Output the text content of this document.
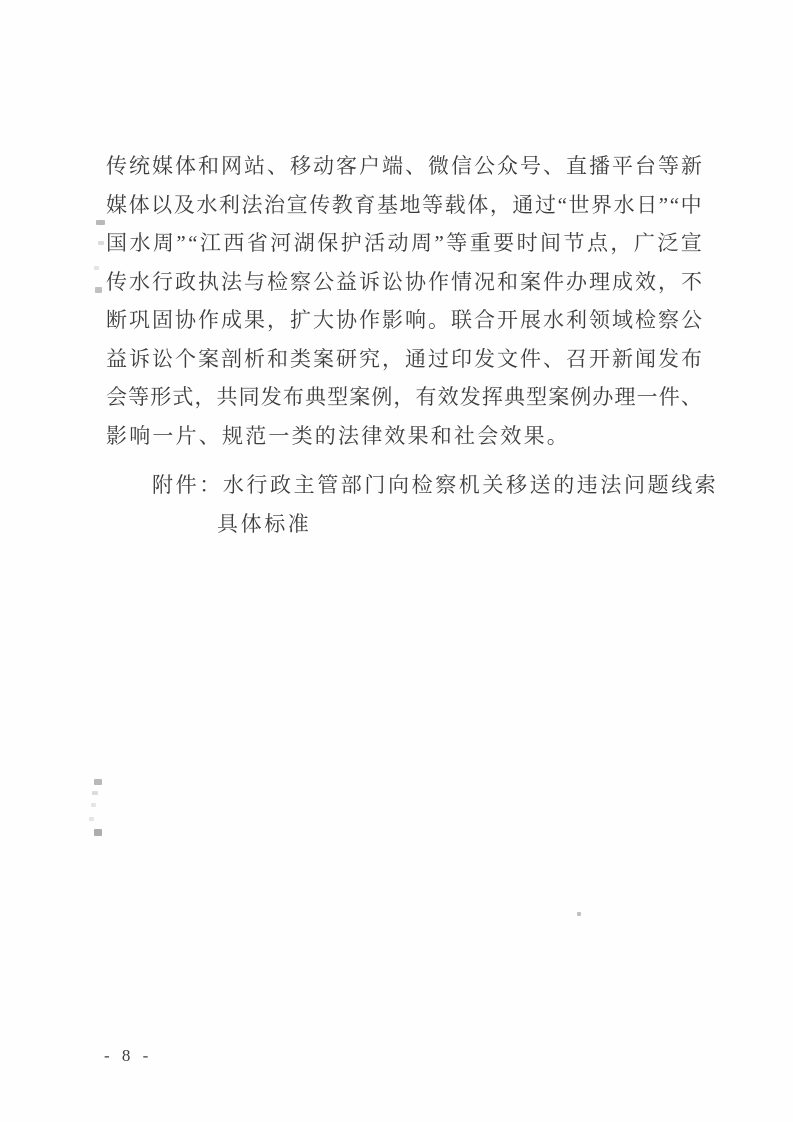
传 统 媒 体 和 网 站 、 移 动 客 户 端 、 微 信 公 众 号 、 直 播 平 台 等 新
媒 体 以 及 水 利 法 治 宣 传 教 育 基 地 等 载 体 ， 通 过 “ 世 界 水 日 ” “ 中
国 水 周 ” “ 江 西 省 河 湖 保 护 活 动 周 ” 等 重 要 时 间 节 点 ， 广 泛 宣
传 水 行 政 执 法 与 检 察 公 益 诉 讼 协 作 情 况 和 案 件 办 理 成 效 ， 不
断 巩 固 协 作 成 果 ， 扩 大 协 作 影 响 。 联 合 开 展 水 利 领 域 检 察 公
益 诉 讼 个 案 剖 析 和 类 案 研 究 ， 通 过 印 发 文 件 、 召 开 新 闻 发 布
会 等 形 式 ， 共 同 发 布 典 型 案 例 ， 有 效 发 挥 典 型 案 例 办 理 一 件 、
影响一片、规范一类的法律效果和社会效果。
附件：水行政主管部门向检察机关移送的违法问题线索
具体标准
- 8 -
